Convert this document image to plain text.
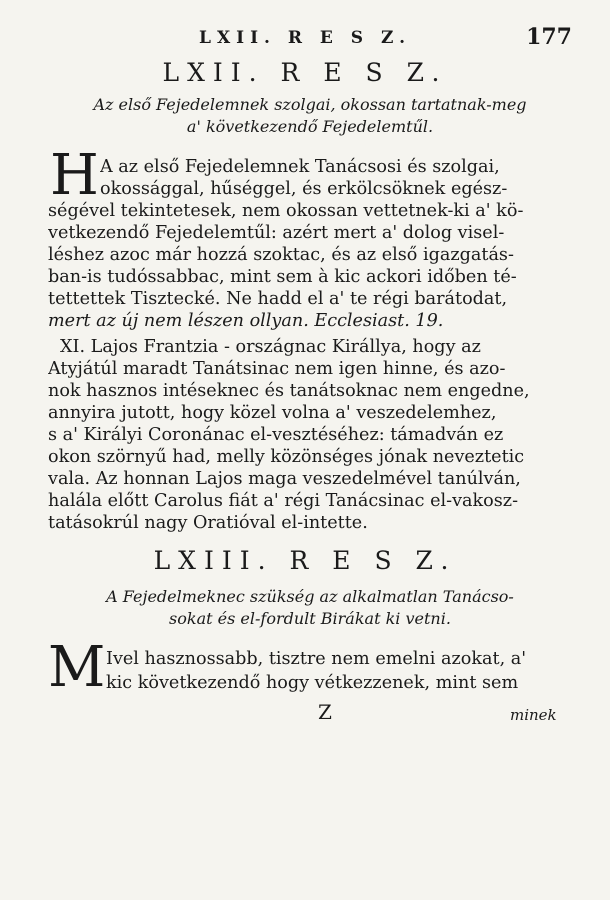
LXII. R E S Z.	177
LXII. R E S Z.
Az első Fejedelemnek szolgai, okossan tartatnak-meg
a' következendő Fejedelemtűl.
H A az első Fejedelemnek Tanácsosi és szolgai,
okossággal, hűséggel, és erkölcsöknek egész-
ségével tekintetesek, nem okossan vettetnek-ki a' kö-
vetkezendő Fejedelemtűl: azért mert a' dolog visel-
léshez azoc már hozzá szoktac, és az első igazgatás-
ban-is tudóssabbac, mint sem à kic ackori időben té-
tettettek Tisztecké. Ne hadd el a' te régi barátodat,
mert az új nem lészen ollyan. Ecclesiast. 19.
XI. Lajos Frantzia - országnac Királlya, hogy az
Atyjátúl maradt Tanátsinac nem igen hinne, és azo-
nok hasznos intéseknec és tanátsoknac nem engedne,
annyira jutott, hogy közel volna a' veszedelemhez,
s a' Királyi Coronánac el-vesztéséhez: támadván ez
okon szörnyű had, melly közönséges jónak neveztetic
vala. Az honnan Lajos maga veszedelmével tanúlván,
halála előtt Carolus fiát a' régi Tanácsinac el-vakosz-
tatásokrúl nagy Oratióval el-intette.
LXIII. R E S Z.
A Fejedelmeknec szükség az alkalmatlan Tanácso-
sokat és el-fordult Birákat ki vetni.
M Ivel hasznossabb, tisztre nem emelni azokat, a'
kic következendő hogy vétkezzenek, mint sem
Z	minek
